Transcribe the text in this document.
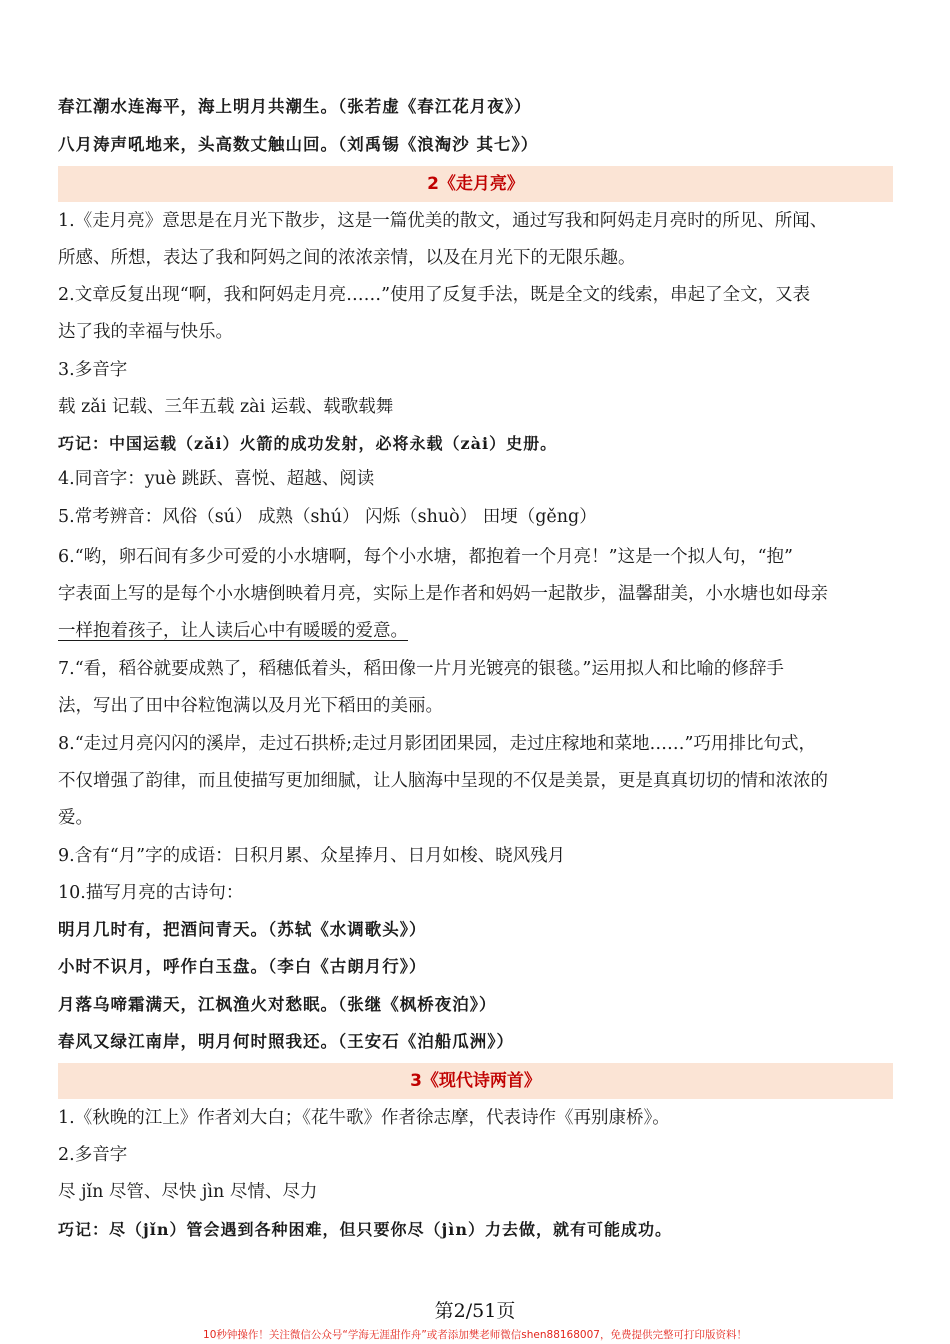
春江潮水连海平，海上明月共潮生。（张若虚《春江花月夜》）
八月涛声吼地来，头高数丈触山回。（刘禹锡《浪淘沙 其七》）
2《走月亮》
1.《走月亮》意思是在月光下散步，这是一篇优美的散文，通过写我和阿妈走月亮时的所见、所闻、
所感、所想，表达了我和阿妈之间的浓浓亲情，以及在月光下的无限乐趣。
2.文章反复出现“啊，我和阿妈走月亮……”使用了反复手法，既是全文的线索，串起了全文，又表
达了我的幸福与快乐。
3.多音字
载 zǎi 记载、三年五载 zài 运载、载歌载舞
巧记：中国运载（zǎi）火箭的成功发射，必将永载（zài）史册。
4.同音字：yuè 跳跃、喜悦、超越、阅读
5.常考辨音：风俗（sú） 成熟（shú） 闪烁（shuò） 田埂（gěng）
6.“哟，卵石间有多少可爱的小水塘啊，每个小水塘，都抱着一个月亮！”这是一个拟人句，“抱”
字表面上写的是每个小水塘倒映着月亮，实际上是作者和妈妈一起散步，温馨甜美，小水塘也如母亲
一样抱着孩子，让人读后心中有暖暖的爱意。
7.“看，稻谷就要成熟了，稻穗低着头，稻田像一片月光镀亮的银毯。”运用拟人和比喻的修辞手
法，写出了田中谷粒饱满以及月光下稻田的美丽。
8.“走过月亮闪闪的溪岸，走过石拱桥;走过月影团团果园，走过庄稼地和菜地……”巧用排比句式，
不仅增强了韵律，而且使描写更加细腻，让人脑海中呈现的不仅是美景，更是真真切切的情和浓浓的
爱。
9.含有“月”字的成语：日积月累、众星捧月、日月如梭、晓风残月
10.描写月亮的古诗句：
明月几时有，把酒问青天。（苏轼《水调歌头》）
小时不识月，呼作白玉盘。（李白《古朗月行》）
月落乌啼霜满天，江枫渔火对愁眠。（张继《枫桥夜泊》）
春风又绿江南岸，明月何时照我还。（王安石《泊船瓜洲》）
3《现代诗两首》
1.《秋晚的江上》作者刘大白；《花牛歌》作者徐志摩，代表诗作《再别康桥》。
2.多音字
尽 jǐn 尽管、尽快 jìn 尽情、尽力
巧记：尽（jǐn）管会遇到各种困难，但只要你尽（jìn）力去做，就有可能成功。
第2/51页
10秒钟操作！关注微信公众号“学海无涯甜作舟”或者添加樊老师微信shen88168007，免费提供完整可打印版资料！
